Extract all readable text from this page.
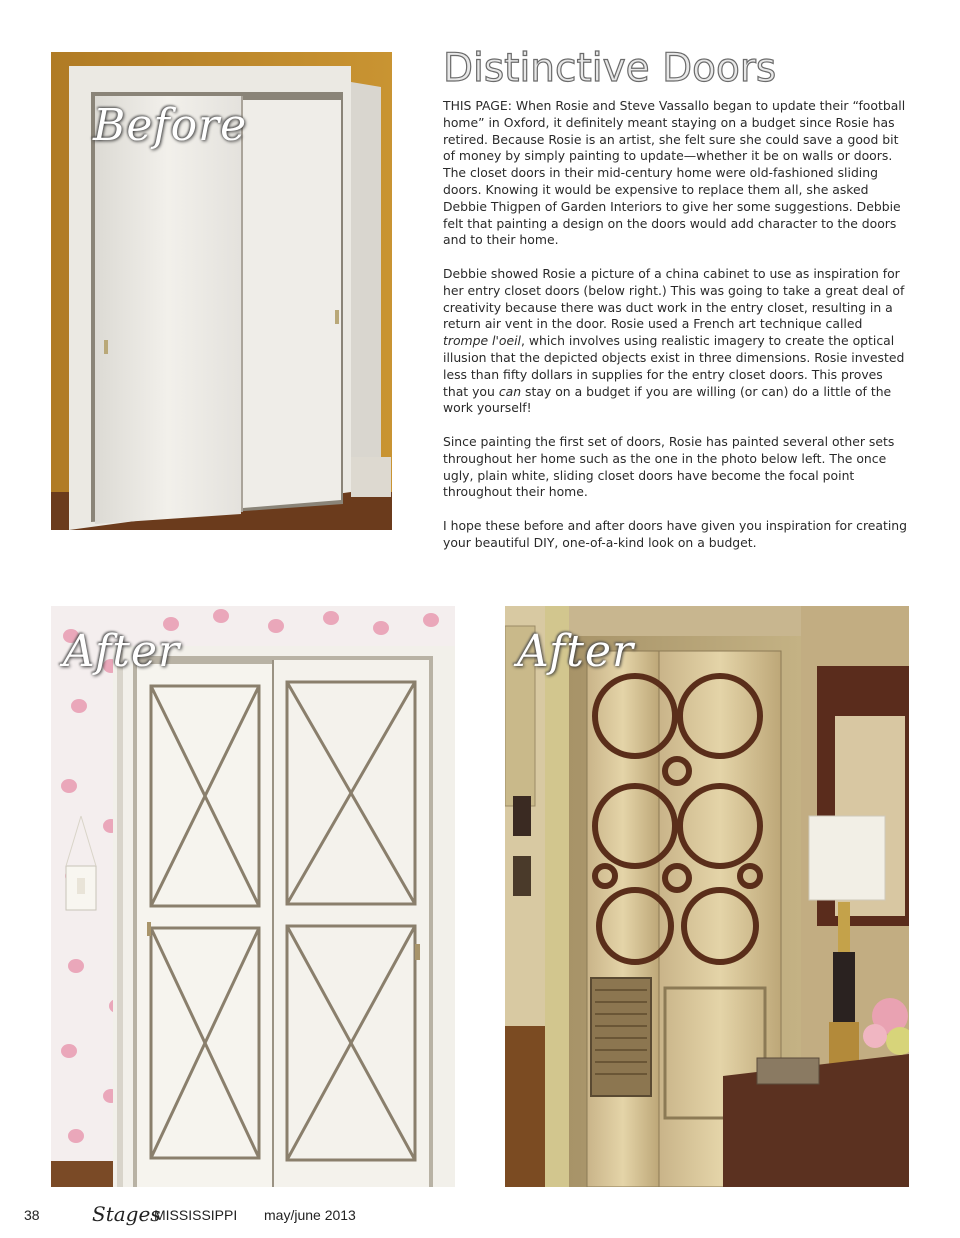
Before
Distinctive Doors

THIS PAGE: When Rosie and Steve Vassallo began to update their “football home” in Oxford, it definitely meant staying on a budget since Rosie has retired. Because Rosie is an artist, she felt sure she could save a good bit of money by simply painting to update—whether it be on walls or doors. The closet doors in their mid-century home were old-fashioned sliding doors. Knowing it would be expensive to replace them all, she asked Debbie Thigpen of Garden Interiors to give her some suggestions. Debbie felt that painting a design on the doors would add character to the doors and to their home.

Debbie showed Rosie a picture of a china cabinet to use as inspiration for her entry closet doors (below right.) This was going to take a great deal of creativity because there was duct work in the entry closet, resulting in a return air vent in the door. Rosie used a French art technique called trompe l'oeil, which involves using realistic imagery to create the optical illusion that the depicted objects exist in three dimensions. Rosie invested less than fifty dollars in supplies for the entry closet doors. This proves that you can stay on a budget if you are willing (or can) do a little of the work yourself!

Since painting the first set of doors, Rosie has painted several other sets throughout her home such as the one in the photo below left. The once ugly, plain white, sliding closet doors have become the focal point throughout their home.

I hope these before and after doors have given you inspiration for creating your beautiful DIY, one-of-a-kind look on a budget.

After	After
38	Stages
MISSISSIPPI may/june 2013
